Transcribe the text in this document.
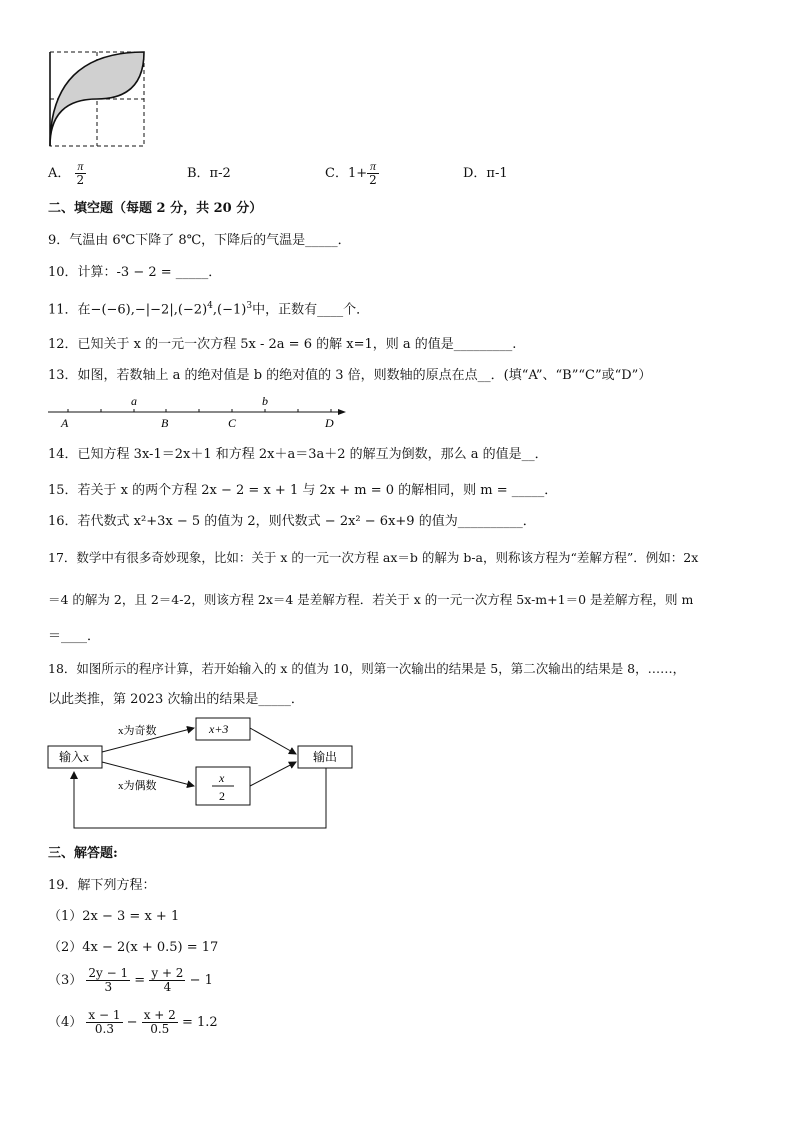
A． $\frac{\pi}{2}$	B．π-2	C．$1+ \frac{\pi}{2}$	D．π-1
二、填空题（每题 2 分，共 20 分）
9．气温由 6℃下降了 8℃，下降后的气温是_____．
10．计算：-3 − 2 = _____．
11．在$-(-6),-|-2|,(-2)^4,(-1)^3$中，正数有____个．
12．已知关于 x 的一元一次方程 5x - 2a = 6 的解 x=1，则 a 的值是_________.
13．如图，若数轴上 a 的绝对值是 b 的绝对值的 3 倍，则数轴的原点在点__．(填“A”、“B”“C”或“D”）
A	B	C	D
a	b
14．已知方程 3x-1＝2x＋1 和方程 2x＋a＝3a＋2 的解互为倒数，那么 a 的值是__．
15．若关于 x 的两个方程 2x − 2 = x + 1 与 2x + m = 0 的解相同，则 m = _____．
16．若代数式 x²+3x − 5 的值为 2，则代数式 − 2x² − 6x+9 的值为__________．
17．数学中有很多奇妙现象，比如：关于 x 的一元一次方程 ax＝b 的解为 b-a，则称该方程为“差解方程”．例如：2x
＝4 的解为 2，且 2＝4-2，则该方程 2x＝4 是差解方程．若关于 x 的一元一次方程 5x-m+1＝0 是差解方程，则 m
＝____．
18．如图所示的程序计算，若开始输入的 x 的值为 10，则第一次输出的结果是 5，第二次输出的结果是 8，……，
以此类推，第 2023 次输出的结果是_____．
输入x
x+3
x
2
输出
x为奇数
x为偶数
三、解答题:
19．解下列方程：
（1）2x − 3 = x + 1
（2）4x − 2(x + 0.5) = 17
$(3) \frac{2y - 1}{3} = \frac{y + 2}{4} - 1$
$(4) \frac{x - 1}{0.3} - \frac{x + 2}{0.5} = 1.2$
